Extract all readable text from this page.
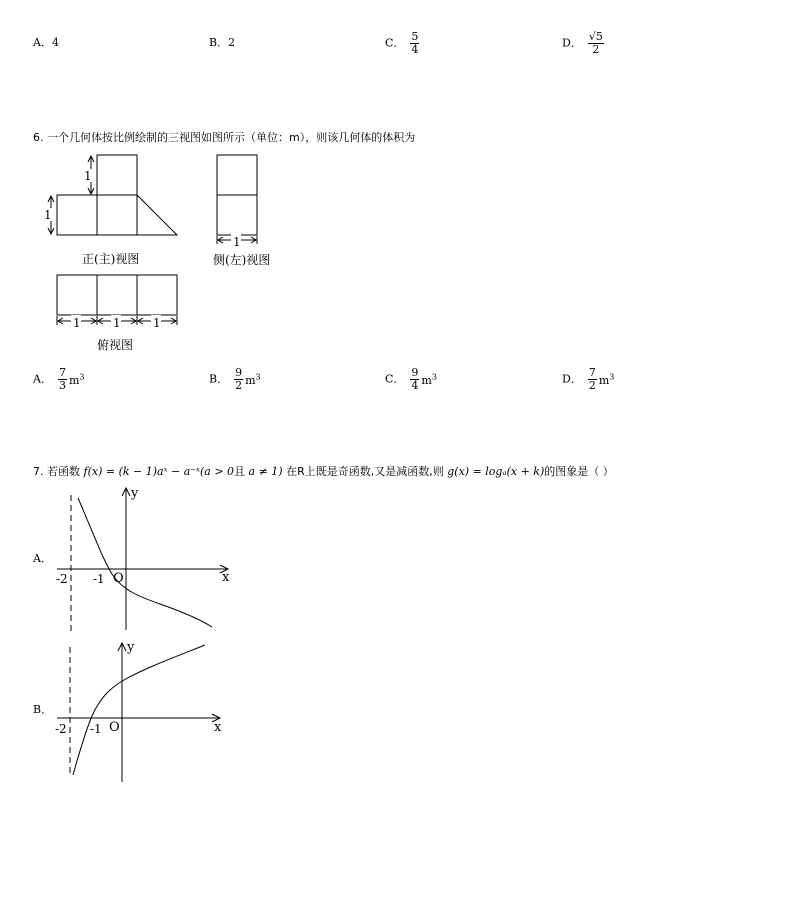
A．4	B．2	C． $\frac{5}{4}$	D． $\frac{√5}{2}$
6. 一个几何体按比例绘制的三视图如图所示（单位：m），则该几何体的体积为
1
1
1
1	1	1
正(主)视图	侧(左)视图
俯视图
A． $\frac{7}{3} m^3$	B． $\frac{9}{2} m^3$	C． $\frac{9}{4} m^3$	D． $\frac{7}{2} m^3$
7. 若函数 f(x) = (k − 1)aˣ − a⁻ˣ(a > 0且 a ≠ 1) 在R上既是奇函数,又是减函数,则 g(x) = logₐ(x + k)的图象是（ ）
A．
x
y
O
-2 -1
B．
x
y
O
-2 -1
